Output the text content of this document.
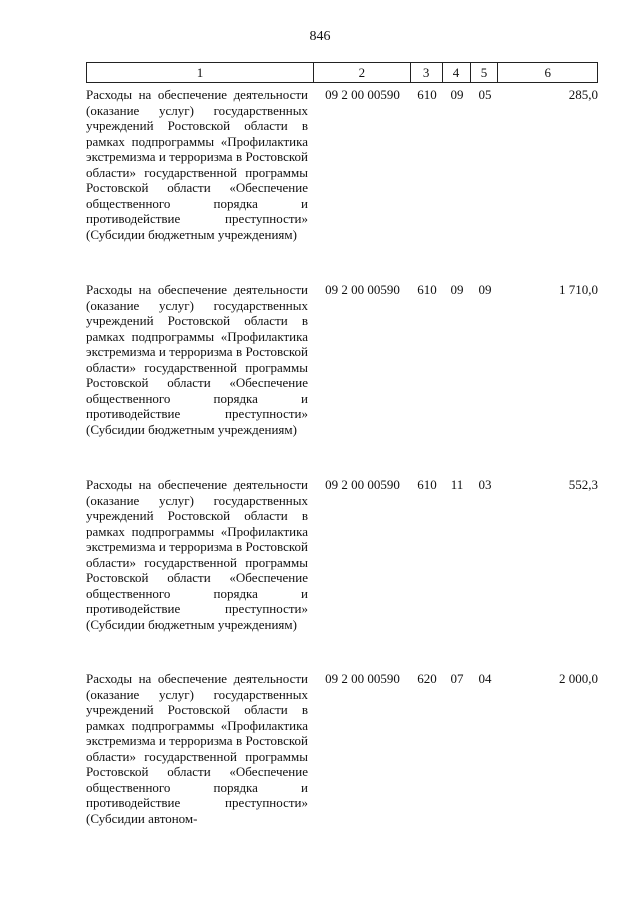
846
1	2	3	4	5	6
Расходы на обеспечение деятельности (оказание услуг) государственных учреждений Ростовской области в рамках подпрограммы «Профилактика экстремизма и терроризма в Ростовской области» государственной программы Ростовской области «Обеспечение общественного порядка и противодействие преступности» (Субсидии бюджетным учреждениям)
09 2 00 00590	610	09	05	285,0
Расходы на обеспечение деятельности (оказание услуг) государственных учреждений Ростовской области в рамках подпрограммы «Профилактика экстремизма и терроризма в Ростовской области» государственной программы Ростовской области «Обеспечение общественного порядка и противодействие преступности» (Субсидии бюджетным учреждениям)
09 2 00 00590	610	09	09	1 710,0
Расходы на обеспечение деятельности (оказание услуг) государственных учреждений Ростовской области в рамках подпрограммы «Профилактика экстремизма и терроризма в Ростовской области» государственной программы Ростовской области «Обеспечение общественного порядка и противодействие преступности» (Субсидии бюджетным учреждениям)
09 2 00 00590	610	11	03	552,3
Расходы на обеспечение деятельности (оказание услуг) государственных учреждений Ростовской области в рамках подпрограммы «Профилактика экстремизма и терроризма в Ростовской области» государственной программы Ростовской области «Обеспечение общественного порядка и противодействие преступности» (Субсидии автоном-
09 2 00 00590	620	07	04	2 000,0
